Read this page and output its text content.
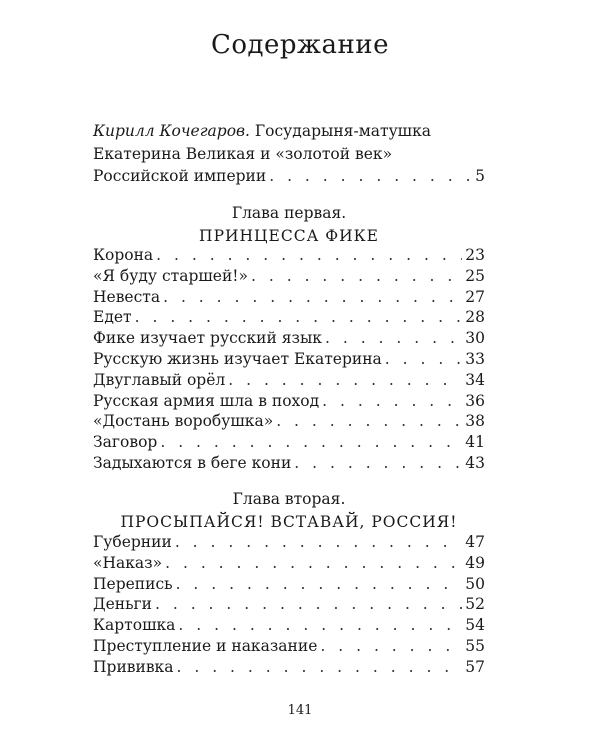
Содержание
Кирилл Кочегаров. Государыня-матушка
Екатерина Великая и «золотой век»
Российской империи . . .	5
Глава первая.
ПРИНЦЕССА ФИКЕ
Корона . . .	23
«Я буду старшей!» . . .	25
Невеста . . .	27
Едет . . .	28
Фике изучает русский язык . . .	30
Русскую жизнь изучает Екатерина . . .	33
Двуглавый орёл . . .	34
Русская армия шла в поход . . .	36
«Достань воробушка» . . .	38
Заговор . . .	41
Задыхаются в беге кони . . .	43
Глава вторая.
ПРОСЫПАЙСЯ! ВСТАВАЙ, РОССИЯ!
Губернии . . .	47
«Наказ» . . .	49
Перепись . . .	50
Деньги . . .	52
Картошка . . .	54
Преступление и наказание . . .	55
Прививка . . .	57
141
